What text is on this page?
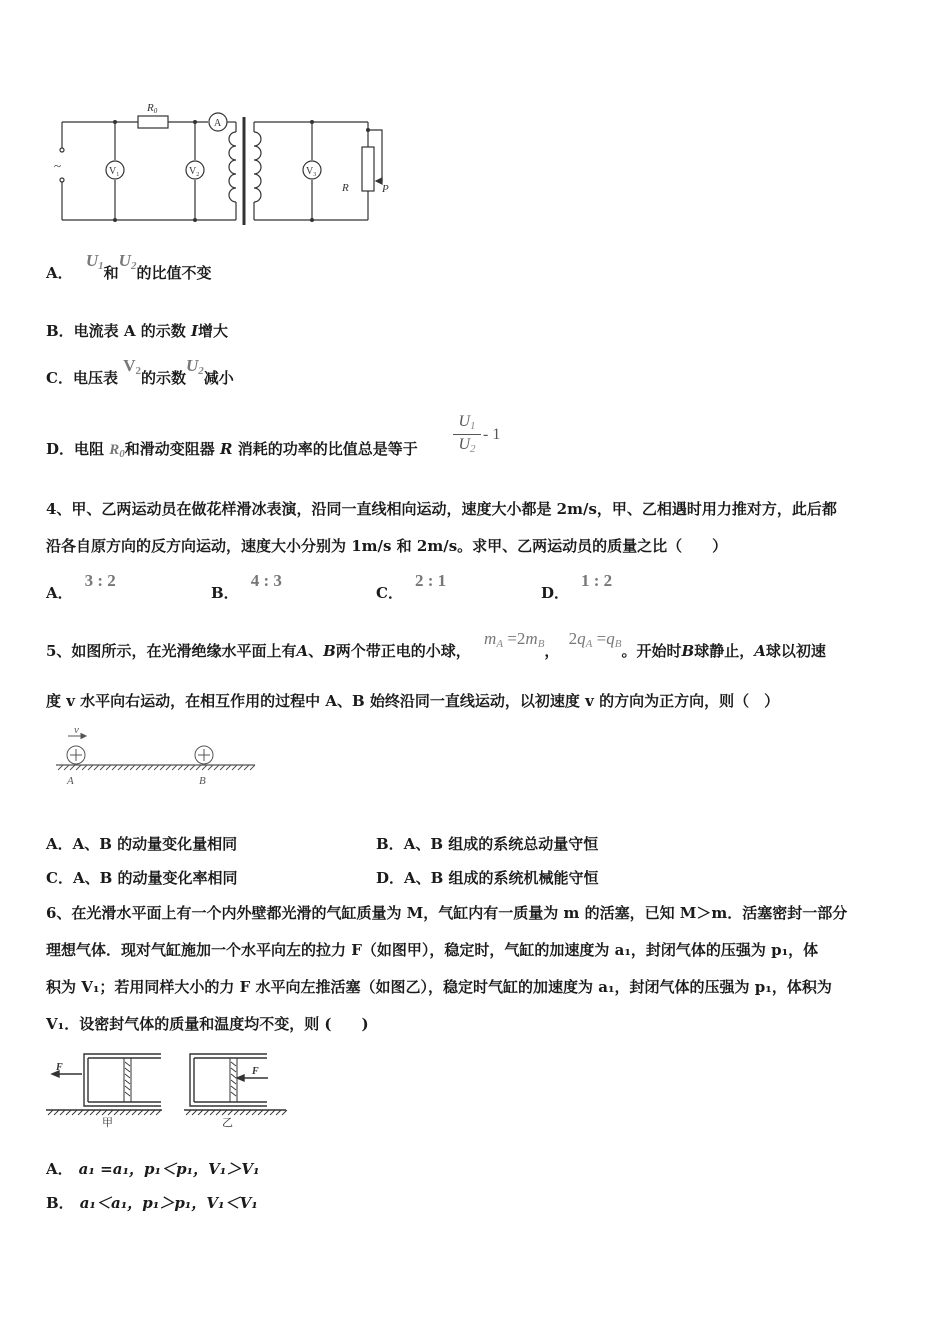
R0
A
$V_1$	$V_2$	$V_3$
R	P
~
A． U1和U2的比值不变
B．电流表 A 的示数 I增大
C．电压表 V2的示数U2减小
D．电阻 $R_0$和滑动变阻器 R 消耗的功率的比值总是等于
U1
U2
- 1
4、甲、乙两运动员在做花样滑冰表演，沿同一直线相向运动，速度大小都是 2m/s，甲、乙相遇时用力推对方，此后都
沿各自原方向的反方向运动，速度大小分别为 1m/s 和 2m/s。求甲、乙两运动员的质量之比（　　）
A．3 : 2
B．4 : 3
C．2 : 1
D．1 : 2
5、如图所示，在光滑绝缘水平面上有A、B两个带正电的小球， mA =2mB， 2qA =qB。开始时B球静止，A球以初速
度 v 水平向右运动，在相互作用的过程中 A、B 始终沿同一直线运动，以初速度 v 的方向为正方向，则（　）
v
A	B
A．A、B 的动量变化量相同	B．A、B 组成的系统总动量守恒
C．A、B 的动量变化率相同	D．A、B 组成的系统机械能守恒
6、在光滑水平面上有一个内外壁都光滑的气缸质量为 M，气缸内有一质量为 m 的活塞，已知 M＞m．活塞密封一部分
理想气体．现对气缸施加一个水平向左的拉力 F（如图甲），稳定时，气缸的加速度为 a₁，封闭气体的压强为 p₁，体
积为 V₁；若用同样大小的力 F 水平向左推活塞（如图乙），稳定时气缸的加速度为 a₁，封闭气体的压强为 p₁，体积为
V₁．设密封气体的质量和温度均不变，则 (　　)
F	F
甲	乙
A． a₁ =a₁，p₁＜p₁，V₁＞V₁
B． a₁＜a₁，p₁＞p₁，V₁＜V₁
